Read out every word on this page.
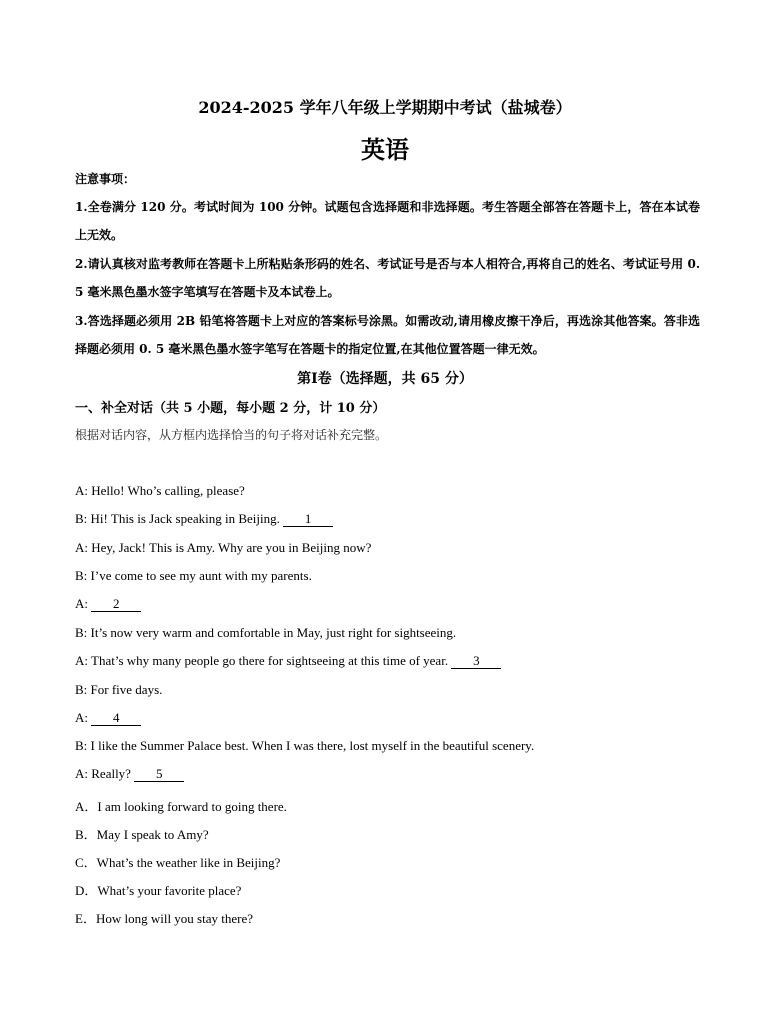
2024-2025 学年八年级上学期期中考试（盐城卷）
英语
注意事项：
1.全卷满分 120 分。考试时间为 100 分钟。试题包含选择题和非选择题。考生答题全部答在答题卡上，答在本试卷上无效。
2.请认真核对监考教师在答题卡上所粘贴条形码的姓名、考试证号是否与本人相符合,再将自己的姓名、考试证号用 0. 5 毫米黑色墨水签字笔填写在答题卡及本试卷上。
3.答选择题必须用 2B 铅笔将答题卡上对应的答案标号涂黑。如需改动,请用橡皮擦干净后，再选涂其他答案。答非选择题必须用 0. 5 毫米黑色墨水签字笔写在答题卡的指定位置,在其他位置答题一律无效。
第Ⅰ卷（选择题，共 65 分）
一、补全对话（共 5 小题，每小题 2 分，计 10 分）
根据对话内容，从方框内选择恰当的句子将对话补充完整。
A: Hello! Who’s calling, please?
B: Hi! This is Jack speaking in Beijing. 1
A: Hey, Jack! This is Amy. Why are you in Beijing now?
B: I’ve come to see my aunt with my parents.
A: 2
B: It’s now very warm and comfortable in May, just right for sightseeing.
A: That’s why many people go there for sightseeing at this time of year. 3
B: For five days.
A: 4
B: I like the Summer Palace best. When I was there, lost myself in the beautiful scenery.
A: Really? 5
A．I am looking forward to going there.
B．May I speak to Amy?
C．What’s the weather like in Beijing?
D．What’s your favorite place?
E．How long will you stay there?
